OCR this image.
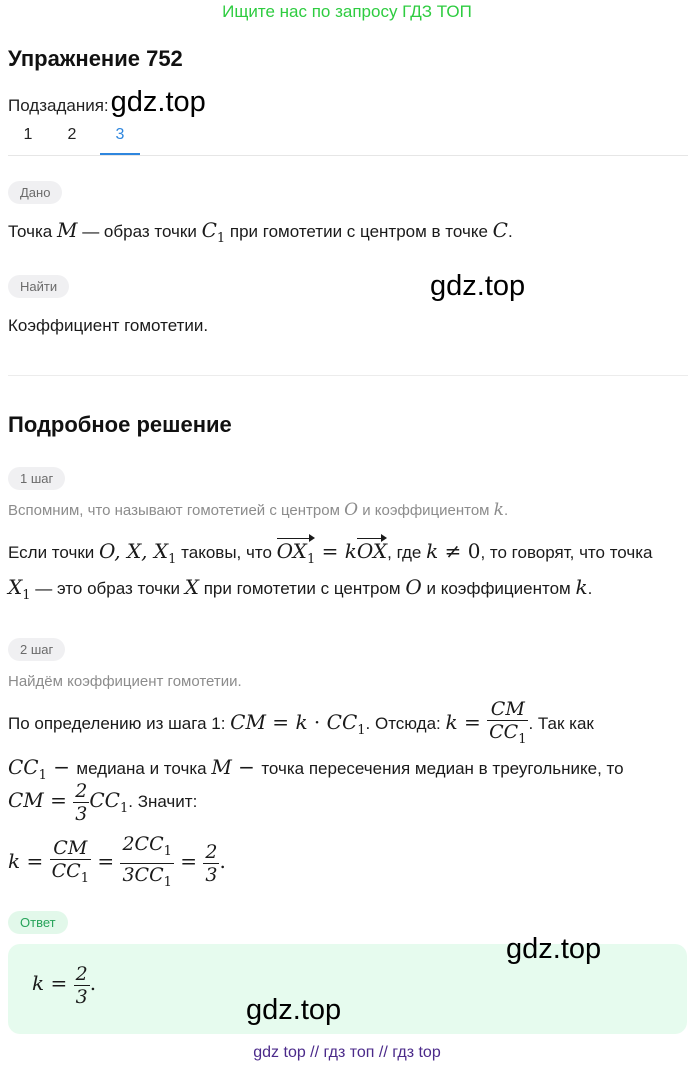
Ищите нас по запросу ГДЗ ТОП
Упражнение 752
Подзадания: gdz.top
1	2	3
Дано
Точка M — образ точки $C_1$ при гомотетии с центром в точке C.
Найти	gdz.top
Коэффициент гомотетии.
Подробное решение
1 шаг
Вспомним, что называют гомотетией с центром O и коэффициентом k.
Если точки O, X, $X_1$ таковы, что $OX_1$ = kOX, где k ≠ 0, то говорят, что точка
$X_1$ — это образ точки X при гомотетии с центром O и коэффициентом k.
2 шаг
Найдём коэффициент гомотетии.
По определению из шага 1: CM = $k \cdot CC_1$. Отсюда: $k = \frac{CM}{CC_1}$ . Так как
$CC_1$ − медиана и точка M − точка пересечения медиан в треугольнике, то
CM = $\frac{2}{3} CC_1$. Значит:
$k = \frac{CM}{CC_1} = \frac{2CC_1}{3CC_1} = \frac{2}{3}$ .
Ответ
$k = \frac{2}{3}$ .
gdz.top
gdz.top
gdz top // гдз топ // гдз top
